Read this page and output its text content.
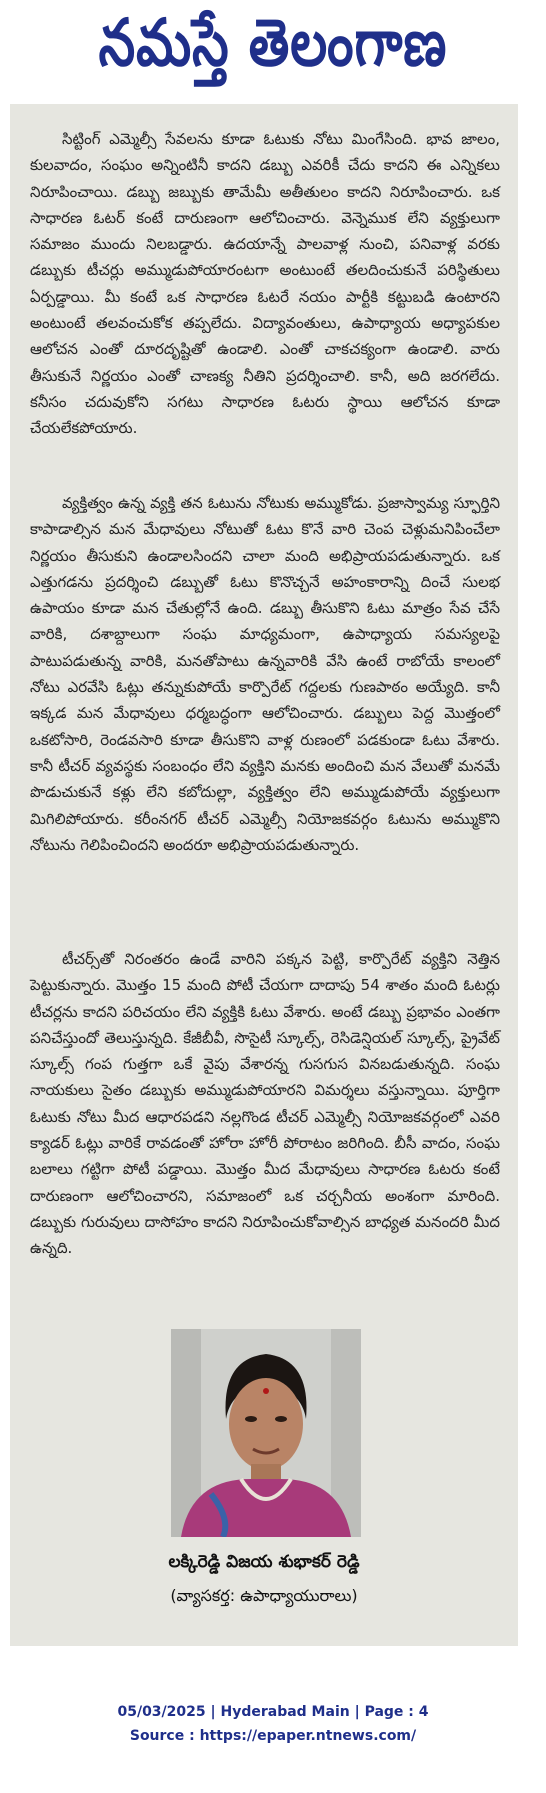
నమస్తే తెలంగాణ

సిట్టింగ్ ఎమ్మెల్సీ సేవలను కూడా ఓటుకు నోటు మింగేసింది. భావ జాలం, కులవాదం, సంఘం అన్నింటినీ కాదని డబ్బు ఎవరికీ చేదు కాదని ఈ ఎన్నికలు నిరూపించాయి. డబ్బు జబ్బుకు తామేమీ అతీతులం కాదని నిరూపించారు. ఒక సాధారణ ఓటర్ కంటే దారుణంగా ఆలోచించారు. వెన్నెముక లేని వ్యక్తులుగా సమాజం ముందు నిలబడ్డారు. ఉదయాన్నే పాలవాళ్ల నుంచి, పనివాళ్ల వరకు డబ్బుకు టీచర్లు అమ్ముడుపోయారంటగా అంటుంటే తలదించుకునే పరిస్థితులు ఏర్పడ్డాయి. మీ కంటే ఒక సాధారణ ఓటరే నయం పార్టీకి కట్టుబడి ఉంటారని అంటుంటే తలవంచుకోక తప్పలేదు. విద్యావంతులు, ఉపాధ్యాయ అధ్యాపకుల ఆలోచన ఎంతో దూరదృష్టితో ఉండాలి. ఎంతో చాకచక్యంగా ఉండాలి. వారు తీసుకునే నిర్ణయం ఎంతో చాణక్య నీతిని ప్రదర్శించాలి. కానీ, అది జరగలేదు. కనీసం చదువుకోని సగటు సాధారణ ఓటరు స్థాయి ఆలోచన కూడా చేయలేకపోయారు.

వ్యక్తిత్వం ఉన్న వ్యక్తి తన ఓటును నోటుకు అమ్ముకోడు. ప్రజాస్వామ్య స్ఫూర్తిని కాపాడాల్సిన మన మేధావులు నోటుతో ఓటు కొనే వారి చెంప చెళ్లుమనిపించేలా నిర్ణయం తీసుకుని ఉండాలసిందని చాలా మంది అభిప్రాయపడుతున్నారు. ఒక ఎత్తుగడను ప్రదర్శించి డబ్బుతో ఓటు కొనొచ్చనే అహంకారాన్ని దించే సులభ ఉపాయం కూడా మన చేతుల్లోనే ఉంది. డబ్బు తీసుకొని ఓటు మాత్రం సేవ చేసే వారికి, దశాబ్దాలుగా సంఘ మాధ్యమంగా, ఉపాధ్యాయ సమస్యలపై పాటుపడుతున్న వారికి, మనతోపాటు ఉన్నవారికి వేసి ఉంటే రాబోయే కాలంలో నోటు ఎరవేసి ఓట్లు తన్నుకుపోయే కార్పొరేట్ గద్దలకు గుణపాఠం అయ్యేది. కానీ ఇక్కడ మన మేధావులు ధర్మబద్ధంగా ఆలోచించారు. డబ్బులు పెద్ద మొత్తంలో ఒకటోసారి, రెండవసారి కూడా తీసుకొని వాళ్ల రుణంలో పడకుండా ఓటు వేశారు. కానీ టీచర్ వ్యవస్థకు సంబంధం లేని వ్యక్తిని మనకు అందించి మన వేలుతో మనమే పొడుచుకునే కళ్లు లేని కబోదుల్లా, వ్యక్తిత్వం లేని అమ్ముడుపోయే వ్యక్తులుగా మిగిలిపోయారు. కరీంనగర్ టీచర్ ఎమ్మెల్సీ నియోజకవర్గం ఓటును అమ్ముకొని నోటును గెలిపించిందని అందరూ అభిప్రాయపడుతున్నారు.

టీచర్స్‌తో నిరంతరం ఉండే వారిని పక్కన పెట్టి, కార్పొరేట్ వ్యక్తిని నెత్తిన పెట్టుకున్నారు. మొత్తం 15 మంది పోటీ చేయగా దాదాపు 54 శాతం మంది ఓటర్లు టీచర్లను కాదని పరిచయం లేని వ్యక్తికి ఓటు వేశారు. అంటే డబ్బు ప్రభావం ఎంతగా పనిచేస్తుందో తెలుస్తున్నది. కేజీబీవీ, సొసైటీ స్కూల్స్, రెసిడెన్షియల్ స్కూల్స్, ప్రైవేట్ స్కూల్స్ గంప గుత్తగా ఒకే వైపు వేశారన్న గుసగుస వినబడుతున్నది. సంఘ నాయకులు సైతం డబ్బుకు అమ్ముడుపోయారని విమర్శలు వస్తున్నాయి. పూర్తిగా ఓటుకు నోటు మీద ఆధారపడని నల్లగొండ టీచర్ ఎమ్మెల్సీ నియోజకవర్గంలో ఎవరి క్యాడర్ ఓట్లు వారికే రావడంతో హోరా హోరీ పోరాటం జరిగింది. బీసీ వాదం, సంఘ బలాలు గట్టిగా పోటీ పడ్డాయి. మొత్తం మీద మేధావులు సాధారణ ఓటరు కంటే దారుణంగా ఆలోచించారని, సమాజంలో ఒక చర్చనీయ అంశంగా మారింది. డబ్బుకు గురువులు దాసోహం కాదని నిరూపించుకోవాల్సిన బాధ్యత మనందరి మీద ఉన్నది.

లక్కిరెడ్డి విజయ శుభాకర్ రెడ్డి

(వ్యాసకర్త: ఉపాధ్యాయురాలు)

05/03/2025 | Hyderabad Main | Page : 4

Source : https://epaper.ntnews.com/
